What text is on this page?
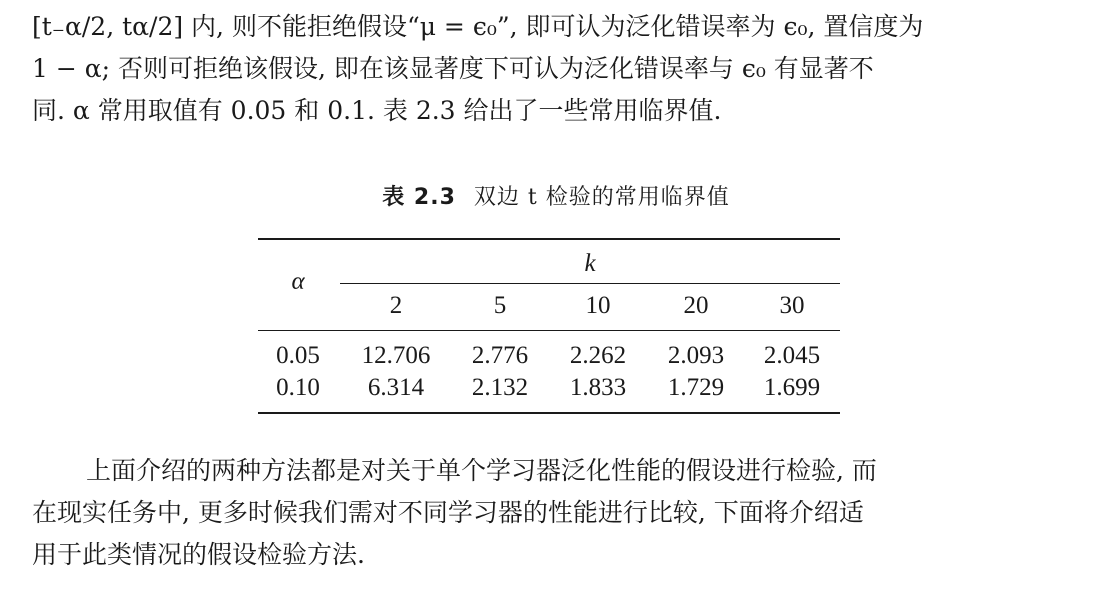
[t₋α/2, tα/2] 内, 则不能拒绝假设“μ = ϵ₀”, 即可认为泛化错误率为 ϵ₀, 置信度为
1 − α; 否则可拒绝该假设, 即在该显著度下可认为泛化错误率与 ϵ₀ 有显著不
同. α 常用取值有 0.05 和 0.1. 表 2.3 给出了一些常用临界值.
表 2.3 双边 t 检验的常用临界值
α
k
2	5	10	20	30
0.05	12.706	2.776	2.262	2.093	2.045
0.10	6.314	2.132	1.833	1.729	1.699
上面介绍的两种方法都是对关于单个学习器泛化性能的假设进行检验, 而
在现实任务中, 更多时候我们需对不同学习器的性能进行比较, 下面将介绍适
用于此类情况的假设检验方法.
